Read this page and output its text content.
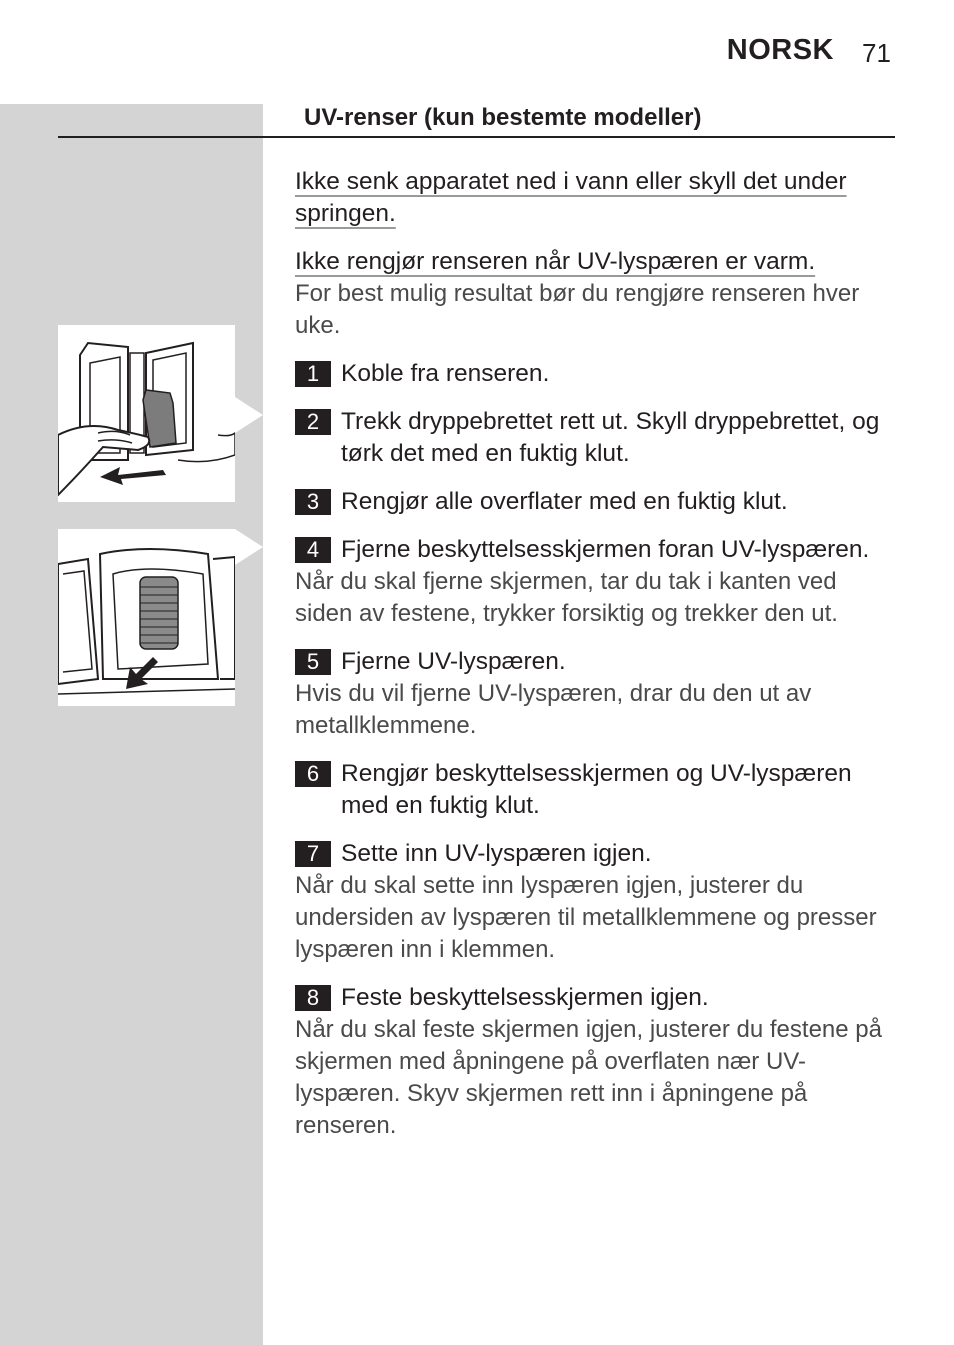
NORSK 71
UV-renser (kun bestemte modeller)

Ikke senk apparatet ned i vann eller skyll det under springen.

Ikke rengjør renseren når UV-lyspæren er varm.

For best mulig resultat bør du rengjøre renseren hver uke.

1 Koble fra renseren.

2 Trekk dryppebrettet rett ut. Skyll dryppebrettet, og tørk det med en fuktig klut.

3 Rengjør alle overflater med en fuktig klut.

4 Fjerne beskyttelsesskjermen foran UV-lyspæren.

Når du skal fjerne skjermen, tar du tak i kanten ved siden av festene, trykker forsiktig og trekker den ut.

5 Fjerne UV-lyspæren.

Hvis du vil fjerne UV-lyspæren, drar du den ut av metallklemmene.

6 Rengjør beskyttelsesskjermen og UV-lyspæren med en fuktig klut.

7 Sette inn UV-lyspæren igjen.

Når du skal sette inn lyspæren igjen, justerer du undersiden av lyspæren til metallklemmene og presser lyspæren inn i klemmen.

8 Feste beskyttelsesskjermen igjen.

Når du skal feste skjermen igjen, justerer du festene på skjermen med åpningene på overflaten nær UV-lyspæren. Skyv skjermen rett inn i åpningene på renseren.
